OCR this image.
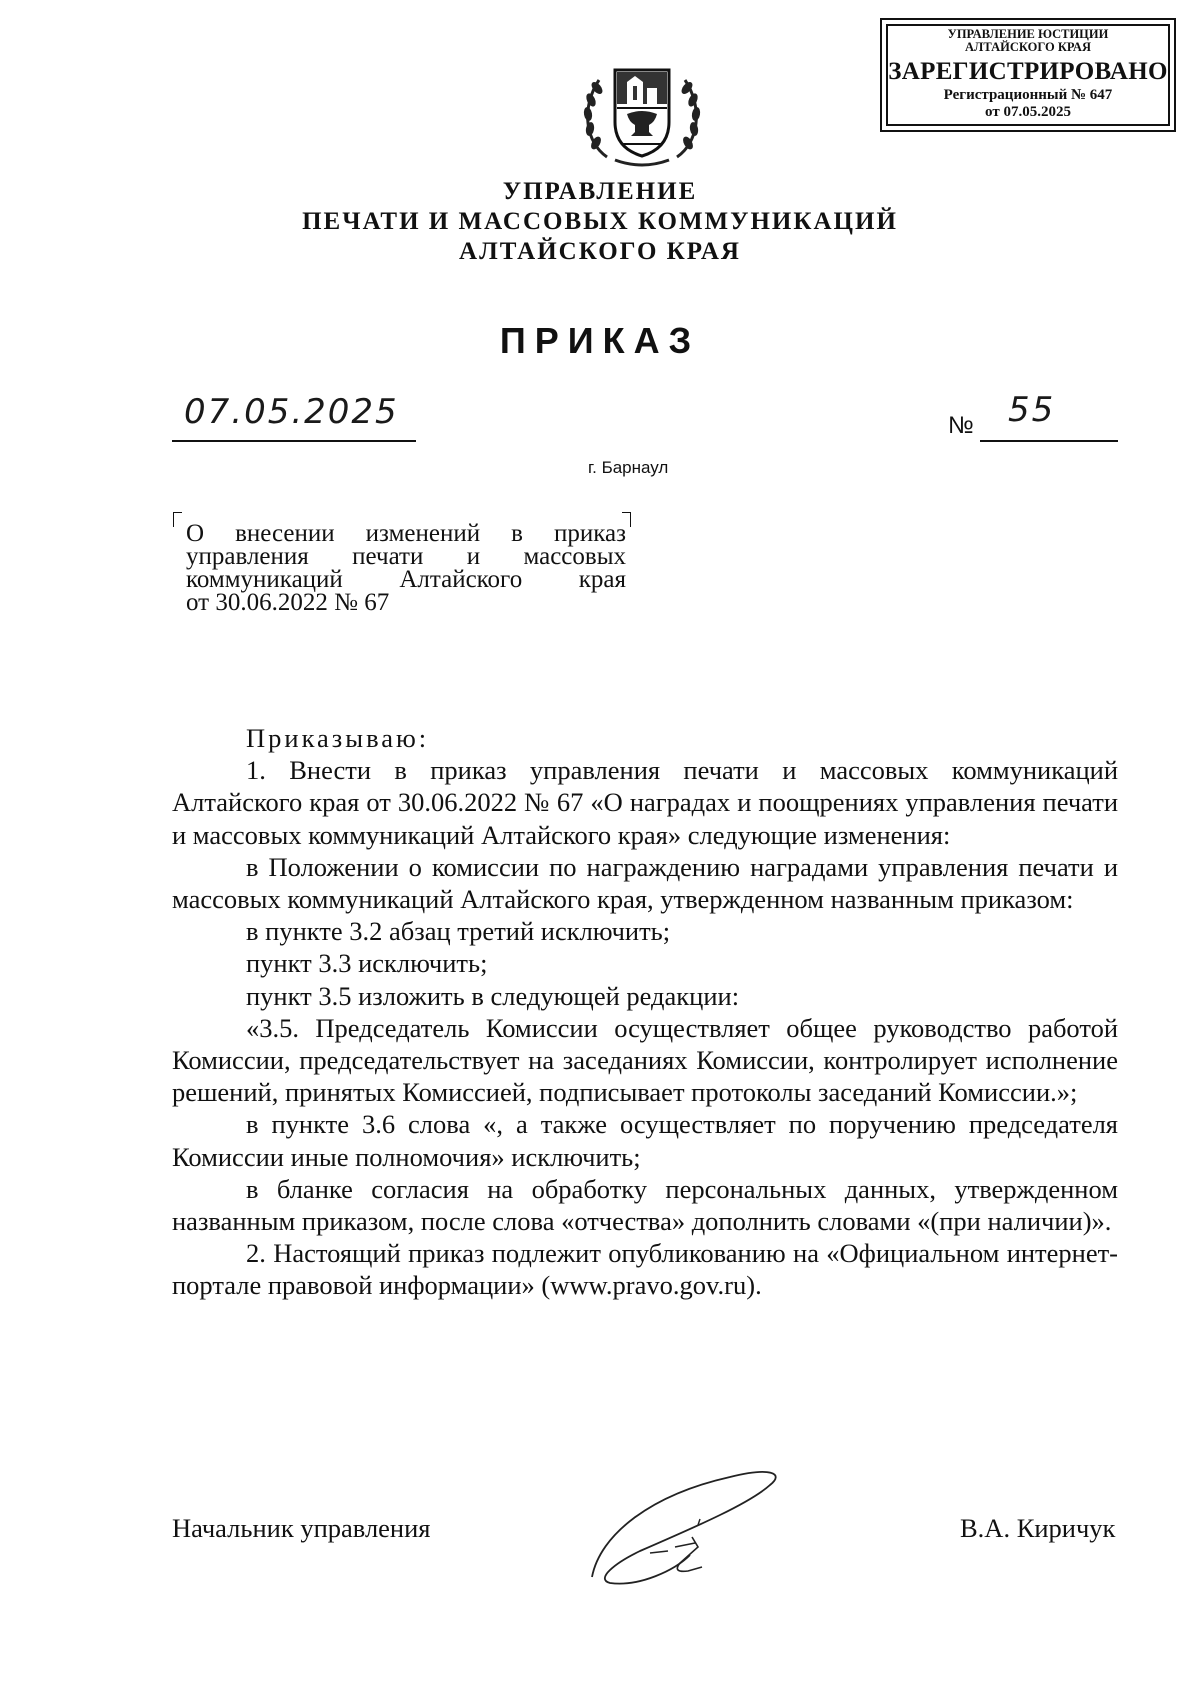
УПРАВЛЕНИЕ ЮСТИЦИИ
АЛТАЙСКОГО КРАЯ
ЗАРЕГИСТРИРОВАНО
Регистрационный № 647
от 07.05.2025
УПРАВЛЕНИЕ
ПЕЧАТИ И МАССОВЫХ КОММУНИКАЦИЙ
АЛТАЙСКОГО КРАЯ
ПРИКАЗ
07.05.2025	№ 55
г. Барнаул
О внесении изменений в приказ
управления печати и массовых
коммуникаций Алтайского края
от 30.06.2022 № 67

Приказываю:

1. Внести в приказ управления печати и массовых коммуникаций Алтайского края от 30.06.2022 № 67 «О наградах и поощрениях управления печати и массовых коммуникаций Алтайского края» следующие изменения:

в Положении о комиссии по награждению наградами управления печати и массовых коммуникаций Алтайского края, утвержденном названным приказом:

в пункте 3.2 абзац третий исключить;

пункт 3.3 исключить;

пункт 3.5 изложить в следующей редакции:

«3.5. Председатель Комиссии осуществляет общее руководство работой Комиссии, председательствует на заседаниях Комиссии, контролирует исполнение решений, принятых Комиссией, подписывает протоколы заседаний Комиссии.»;

в пункте 3.6 слова «, а также осуществляет по поручению председателя Комиссии иные полномочия» исключить;

в бланке согласия на обработку персональных данных, утвержденном названным приказом, после слова «отчества» дополнить словами «(при наличии)».

2. Настоящий приказ подлежит опубликованию на «Официальном интернет-портале правовой информации» (www.pravo.gov.ru).

Начальник управления	В.А. Киричук
